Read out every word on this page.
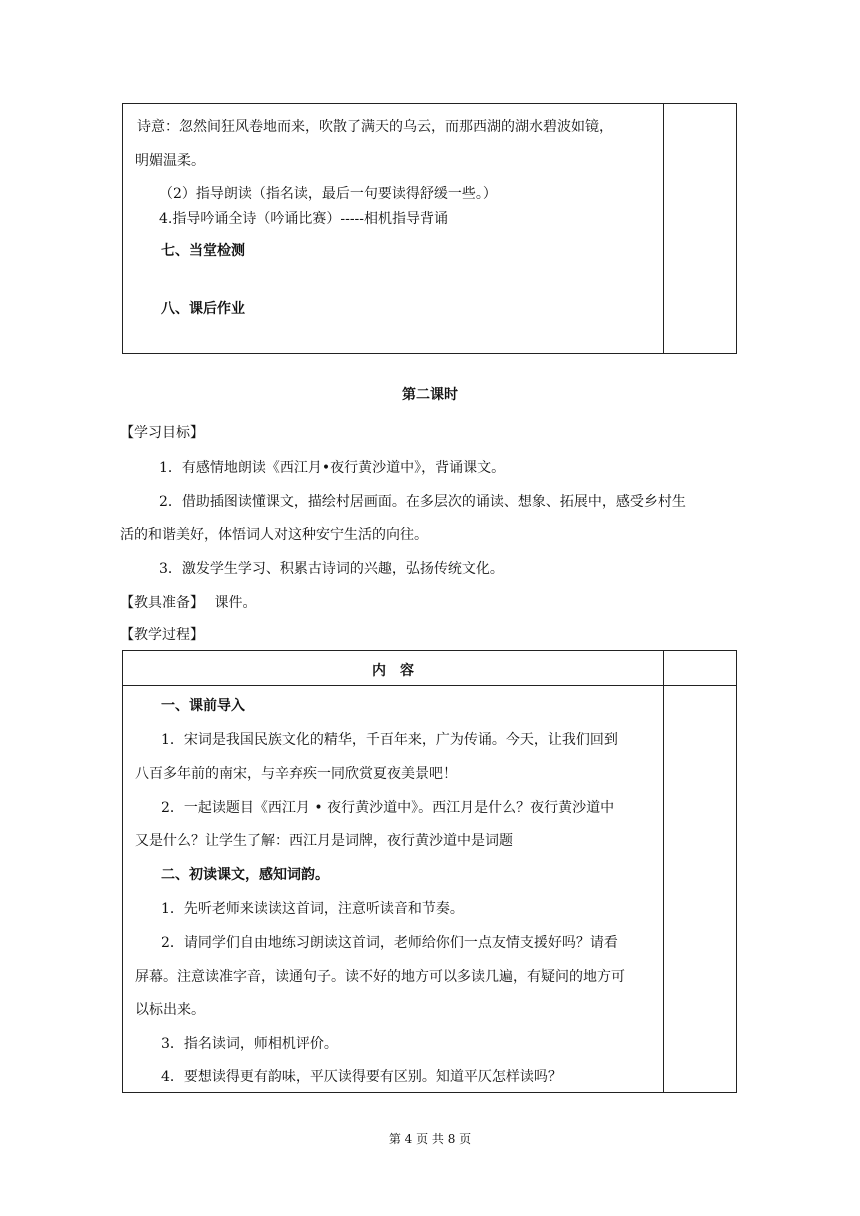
诗意：忽然间狂风卷地而来，吹散了满天的乌云，而那西湖的湖水碧波如镜，
明媚温柔。
（2）指导朗读（指名读，最后一句要读得舒缓一些。）
4.指导吟诵全诗（吟诵比赛）-----相机指导背诵
七、当堂检测
八、课后作业
第二课时
【学习目标】
1．有感情地朗读《西江月•夜行黄沙道中》，背诵课文。
2．借助插图读懂课文，描绘村居画面。在多层次的诵读、想象、拓展中，感受乡村生
活的和谐美好，体悟词人对这种安宁生活的向往。
3．激发学生学习、积累古诗词的兴趣，弘扬传统文化。
【教具准备】 课件。
【教学过程】
内　容
一、课前导入
1．宋词是我国民族文化的精华，千百年来，广为传诵。今天，让我们回到
八百多年前的南宋，与辛弃疾一同欣赏夏夜美景吧！
2．一起读题目《西江月 • 夜行黄沙道中》。西江月是什么？夜行黄沙道中
又是什么？让学生了解：西江月是词牌，夜行黄沙道中是词题
二、初读课文，感知词韵。
1．先听老师来读读这首词，注意听读音和节奏。
2．请同学们自由地练习朗读这首词，老师给你们一点友情支援好吗？请看
屏幕。注意读准字音，读通句子。读不好的地方可以多读几遍，有疑问的地方可
以标出来。
3．指名读词，师相机评价。
4．要想读得更有韵味，平仄读得要有区别。知道平仄怎样读吗？
第 4 页 共 8 页
